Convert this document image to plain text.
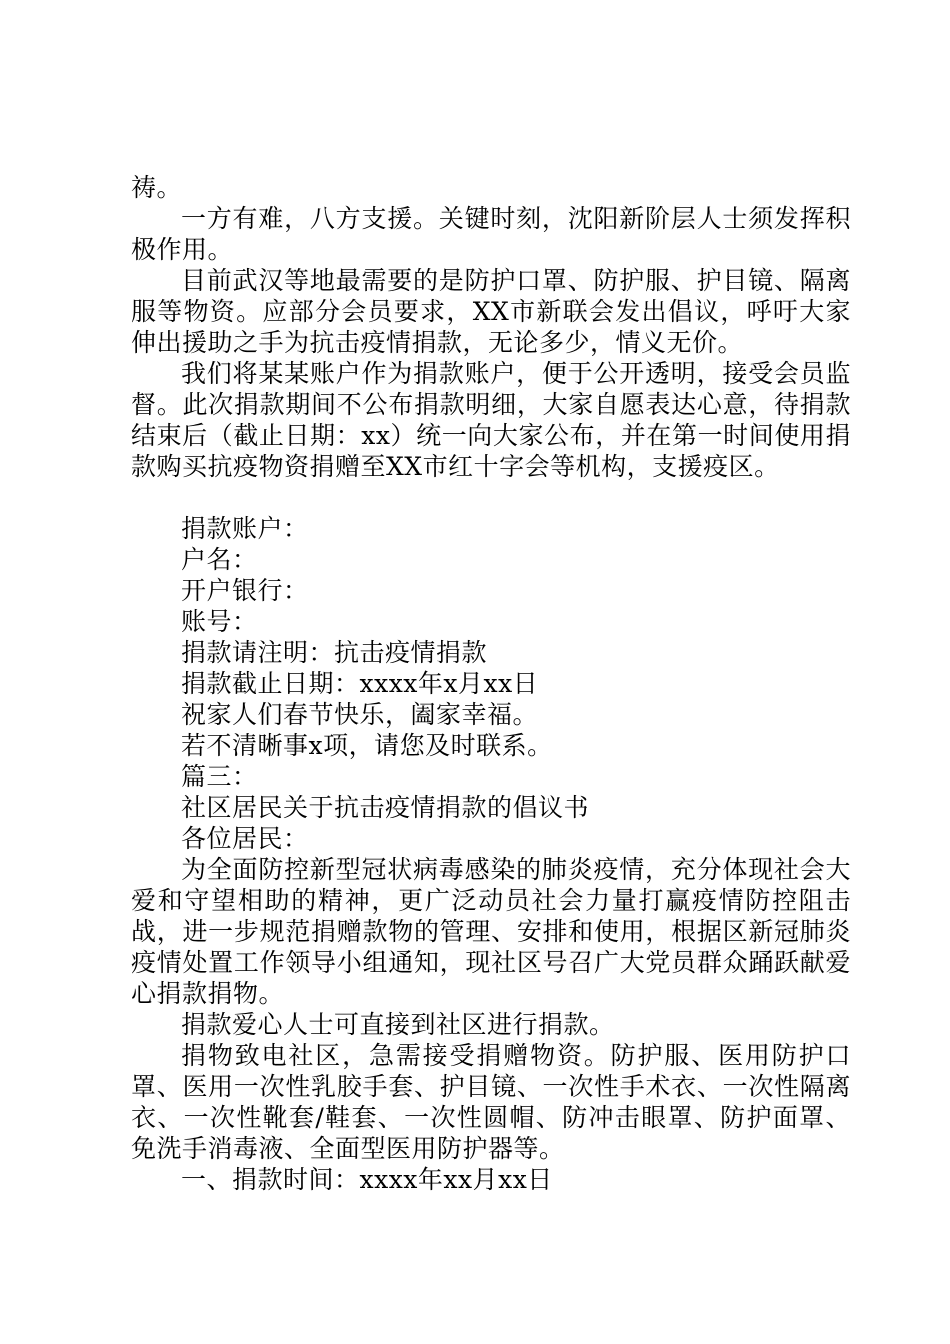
祷。

一方有难，八方支援。关键时刻，沈阳新阶层人士须发挥积极作用。

目前武汉等地最需要的是防护口罩、防护服、护目镜、隔离服等物资。应部分会员要求，XX市新联会发出倡议，呼吁大家伸出援助之手为抗击疫情捐款，无论多少，情义无价。

我们将某某账户作为捐款账户，便于公开透明，接受会员监督。此次捐款期间不公布捐款明细，大家自愿表达心意，待捐款结束后（截止日期：xx）统一向大家公布，并在第一时间使用捐款购买抗疫物资捐赠至XX市红十字会等机构，支援疫区。

捐款账户：

户名：

开户银行：

账号：

捐款请注明：抗击疫情捐款

捐款截止日期：xxxx年x月xx日

祝家人们春节快乐，阖家幸福。

若不清晰事x项，请您及时联系。

篇三：

社区居民关于抗击疫情捐款的倡议书

各位居民：

为全面防控新型冠状病毒感染的肺炎疫情，充分体现社会大爱和守望相助的精神，更广泛动员社会力量打赢疫情防控阻击战，进一步规范捐赠款物的管理、安排和使用，根据区新冠肺炎疫情处置工作领导小组通知，现社区号召广大党员群众踊跃献爱心捐款捐物。

捐款爱心人士可直接到社区进行捐款。

捐物致电社区，急需接受捐赠物资。防护服、医用防护口罩、医用一次性乳胶手套、护目镜、一次性手术衣、一次性隔离衣、一次性靴套/鞋套、一次性圆帽、防冲击眼罩、防护面罩、免洗手消毒液、全面型医用防护器等。

一、捐款时间：xxxx年xx月xx日
